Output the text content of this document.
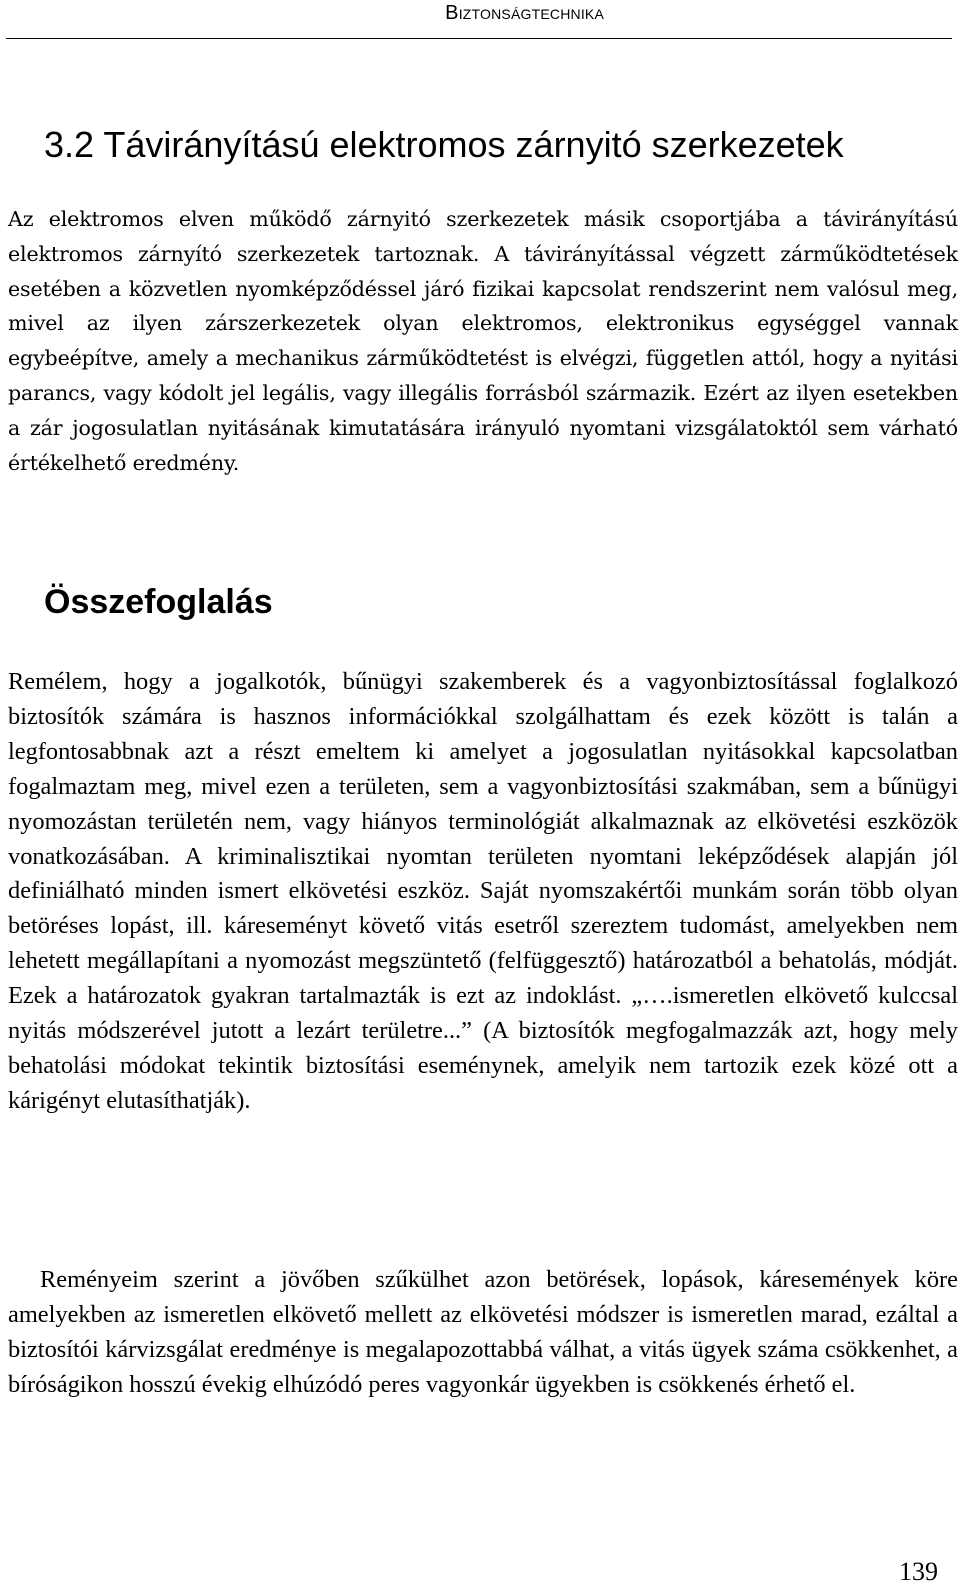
Biztonságtechnika
3.2 Távirányítású elektromos zárnyitó szerkezetek

Az elektromos elven működő zárnyitó szerkezetek másik csoportjába a távirányítású elektromos zárnyító szerkezetek tartoznak. A távirányítással végzett zárműködtetések esetében a közvetlen nyomképződéssel járó fizikai kapcsolat rendszerint nem valósul meg, mivel az ilyen zárszerkezetek olyan elektromos, elektronikus egységgel vannak egybeépítve, amely a mechanikus zárműködtetést is elvégzi, független attól, hogy a nyitási parancs, vagy kódolt jel legális, vagy illegális forrásból származik. Ezért az ilyen esetekben a zár jogosulatlan nyitásának kimutatására irányuló nyomtani vizsgálatoktól sem várható értékelhető eredmény.

Összefoglalás

Remélem, hogy a jogalkotók, bűnügyi szakemberek és a vagyonbiztosítással foglalkozó biztosítók számára is hasznos információkkal szolgálhattam és ezek között is talán a legfontosabbnak azt a részt emeltem ki amelyet a jogosulatlan nyitásokkal kapcsolatban fogalmaztam meg, mivel ezen a területen, sem a vagyonbiztosítási szakmában, sem a bűnügyi nyomozástan területén nem, vagy hiányos terminológiát alkalmaznak az elkövetési eszközök vonatkozásában. A kriminalisztikai nyomtan területen nyomtani leképződések alapján jól definiálható minden ismert elkövetési eszköz. Saját nyomszakértői munkám során több olyan betöréses lopást, ill. káreseményt követő vitás esetről szereztem tudomást, amelyekben nem lehetett megállapítani a nyomozást megszüntető (felfüggesztő) határozatból a behatolás, módját. Ezek a határozatok gyakran tartalmazták is ezt az indoklást. „….ismeretlen elkövető kulccsal nyitás módszerével jutott a lezárt területre...” (A biztosítók megfogalmazzák azt, hogy mely behatolási módokat tekintik biztosítási eseménynek, amelyik nem tartozik ezek közé ott a kárigényt elutasíthatják).

Reményeim szerint a jövőben szűkülhet azon betörések, lopások, káresemények köre amelyekben az ismeretlen elkövető mellett az elkövetési módszer is ismeretlen marad, ezáltal a biztosítói kárvizsgálat eredménye is megalapozottabbá válhat, a vitás ügyek száma csökkenhet, a bíróságikon hosszú évekig elhúzódó peres vagyonkár ügyekben is csökkenés érhető el.

139
